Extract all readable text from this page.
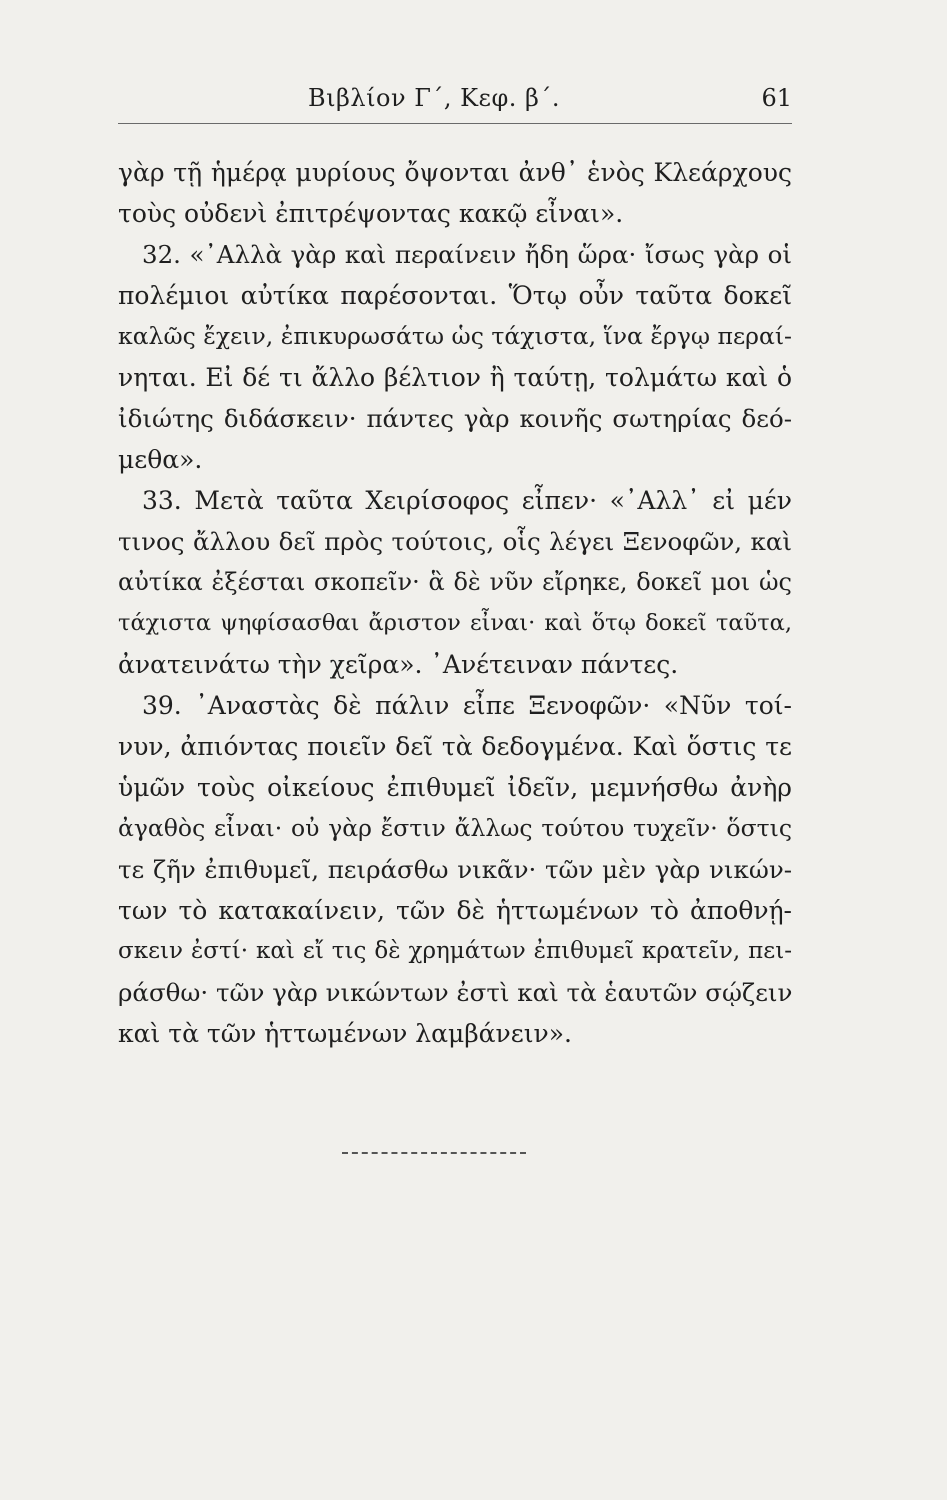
Βιβλίον Γ΄, Κεφ. β΄.	61
γὰρ τῇ ἡμέρᾳ μυρίους ὄψονται ἀνθ᾽ ἑνὸς Κλεάρχους
τοὺς οὐδενὶ ἐπιτρέψοντας κακῷ εἶναι».
32. «᾽Αλλὰ γὰρ καὶ περαίνειν ἤδη ὥρα· ἴσως γὰρ οἱ
πολέμιοι αὐτίκα παρέσονται. Ὅτῳ οὖν ταῦτα δοκεῖ
καλῶς ἔχειν, ἐπικυρωσάτω ὡς τάχιστα, ἵνα ἔργῳ περαί-
νηται. Εἰ δέ τι ἄλλο βέλτιον ἢ ταύτῃ, τολμάτω καὶ ὁ
ἰδιώτης διδάσκειν· πάντες γὰρ κοινῆς σωτηρίας δεό-
μεθα».
33. Μετὰ ταῦτα Χειρίσοφος εἶπεν· «᾽Αλλ᾽ εἰ μέν
τινος ἄλλου δεῖ πρὸς τούτοις, οἷς λέγει Ξενοφῶν, καὶ
αὐτίκα ἐξέσται σκοπεῖν· ἃ δὲ νῦν εἴρηκε, δοκεῖ μοι ὡς
τάχιστα ψηφίσασθαι ἄριστον εἶναι· καὶ ὅτῳ δοκεῖ ταῦτα,
ἀνατεινάτω τὴν χεῖρα». ᾽Ανέτειναν πάντες.
39. ᾽Αναστὰς δὲ πάλιν εἶπε Ξενοφῶν· «Νῦν τοί-
νυν, ἀπιόντας ποιεῖν δεῖ τὰ δεδογμένα. Καὶ ὅστις τε
ὑμῶν τοὺς οἰκείους ἐπιθυμεῖ ἰδεῖν, μεμνήσθω ἀνὴρ
ἀγαθὸς εἶναι· οὐ γὰρ ἔστιν ἄλλως τούτου τυχεῖν· ὅστις
τε ζῆν ἐπιθυμεῖ, πειράσθω νικᾶν· τῶν μὲν γὰρ νικών-
των τὸ κατακαίνειν, τῶν δὲ ἡττωμένων τὸ ἀποθνῄ-
σκειν ἐστί· καὶ εἴ τις δὲ χρημάτων ἐπιθυμεῖ κρατεῖν, πει-
ράσθω· τῶν γὰρ νικώντων ἐστὶ καὶ τὰ ἑαυτῶν σῴζειν
καὶ τὰ τῶν ἡττωμένων λαμβάνειν».
